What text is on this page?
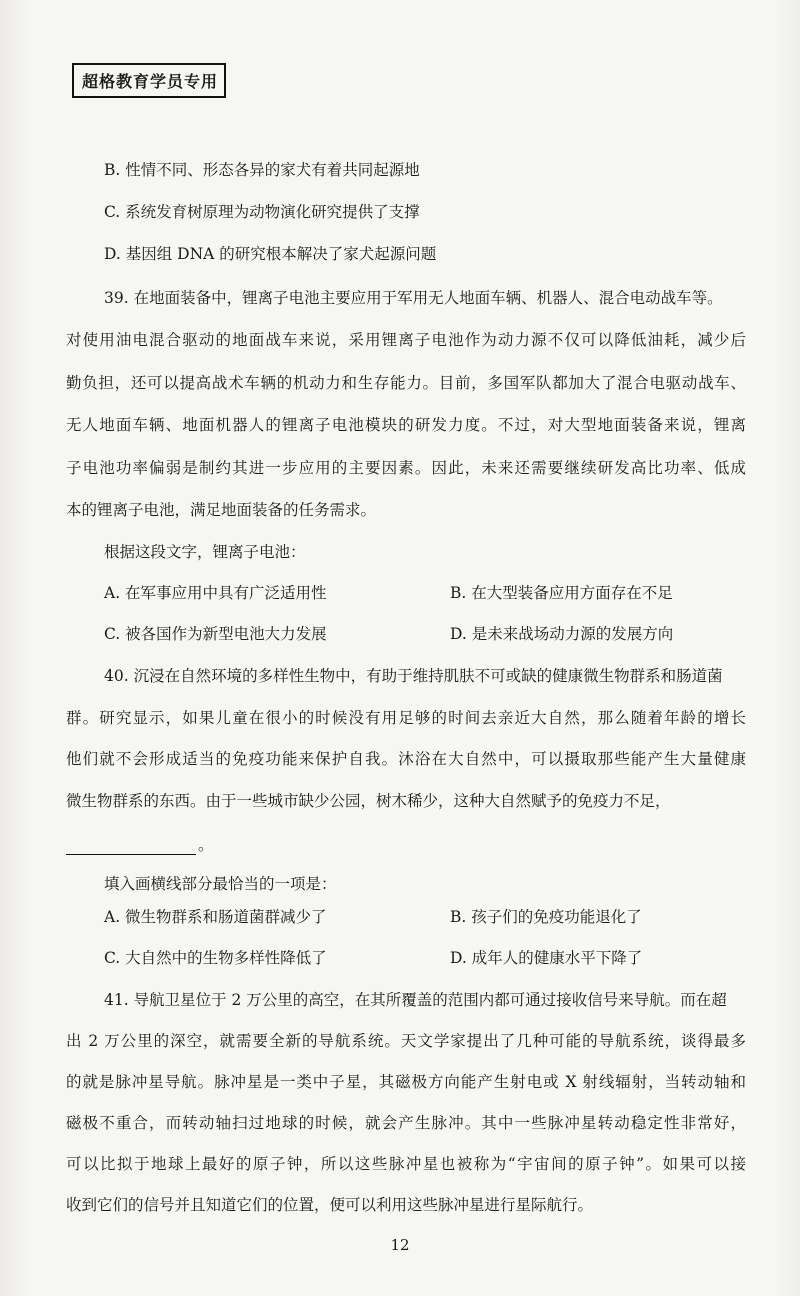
超格教育学员专用
B. 性情不同、形态各异的家犬有着共同起源地
C. 系统发育树原理为动物演化研究提供了支撑
D. 基因组 DNA 的研究根本解决了家犬起源问题
39. 在地面装备中，锂离子电池主要应用于军用无人地面车辆、机器人、混合电动战车等。
对使用油电混合驱动的地面战车来说，采用锂离子电池作为动力源不仅可以降低油耗，减少后
勤负担，还可以提高战术车辆的机动力和生存能力。目前，多国军队都加大了混合电驱动战车、
无人地面车辆、地面机器人的锂离子电池模块的研发力度。不过，对大型地面装备来说，锂离
子电池功率偏弱是制约其进一步应用的主要因素。因此，未来还需要继续研发高比功率、低成
本的锂离子电池，满足地面装备的任务需求。
根据这段文字，锂离子电池：
A. 在军事应用中具有广泛适用性	B. 在大型装备应用方面存在不足
C. 被各国作为新型电池大力发展	D. 是未来战场动力源的发展方向
40. 沉浸在自然环境的多样性生物中，有助于维持肌肤不可或缺的健康微生物群系和肠道菌
群。研究显示，如果儿童在很小的时候没有用足够的时间去亲近大自然，那么随着年龄的增长
他们就不会形成适当的免疫功能来保护自我。沐浴在大自然中，可以摄取那些能产生大量健康
微生物群系的东西。由于一些城市缺少公园，树木稀少，这种大自然赋予的免疫力不足，
。
填入画横线部分最恰当的一项是：
A. 微生物群系和肠道菌群减少了	B. 孩子们的免疫功能退化了
C. 大自然中的生物多样性降低了	D. 成年人的健康水平下降了
41. 导航卫星位于 2 万公里的高空，在其所覆盖的范围内都可通过接收信号来导航。而在超
出 2 万公里的深空，就需要全新的导航系统。天文学家提出了几种可能的导航系统，谈得最多
的就是脉冲星导航。脉冲星是一类中子星，其磁极方向能产生射电或 X 射线辐射，当转动轴和
磁极不重合，而转动轴扫过地球的时候，就会产生脉冲。其中一些脉冲星转动稳定性非常好，
可以比拟于地球上最好的原子钟，所以这些脉冲星也被称为“宇宙间的原子钟”。如果可以接
收到它们的信号并且知道它们的位置，便可以利用这些脉冲星进行星际航行。
12
